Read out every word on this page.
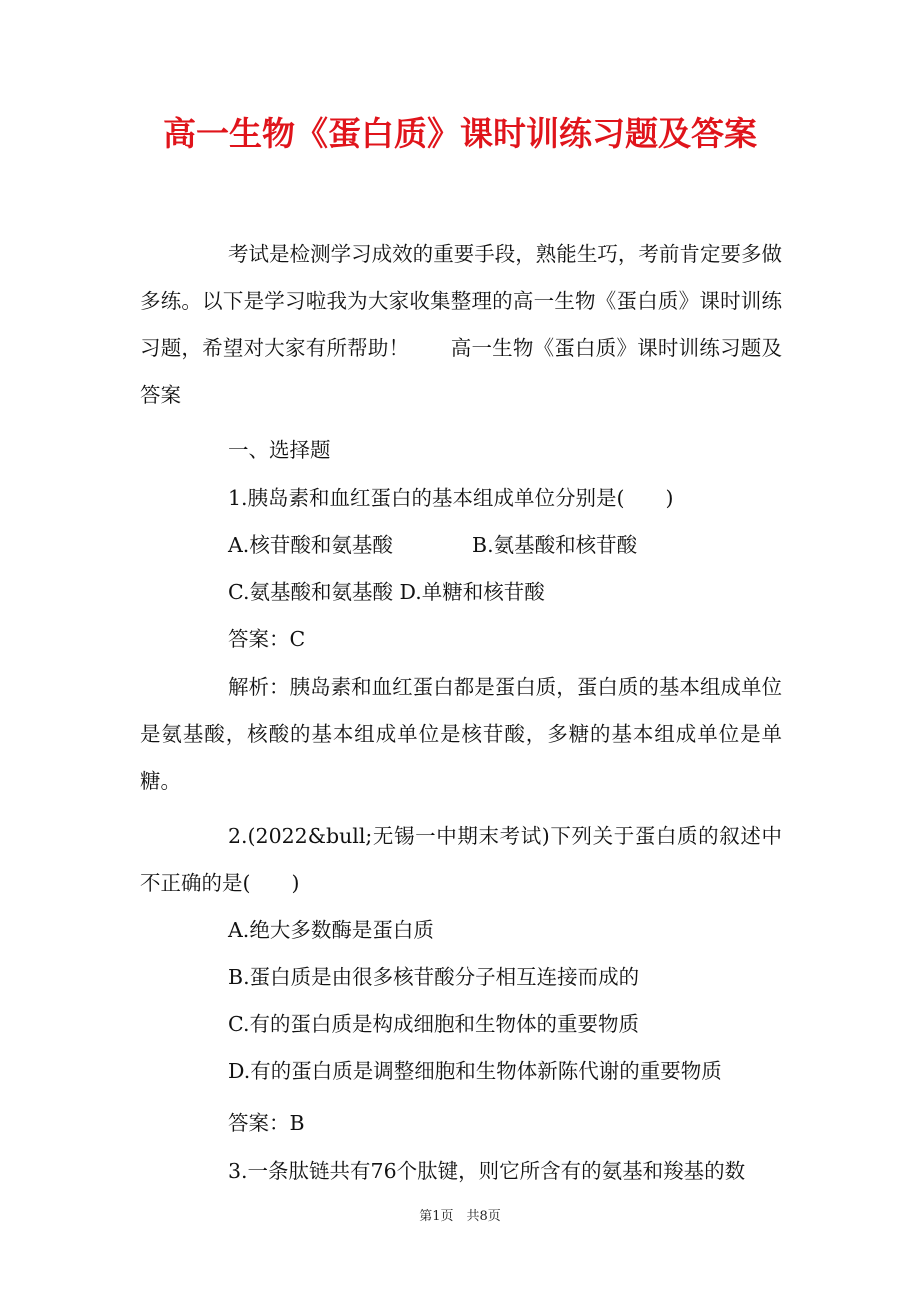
高一生物《蛋白质》课时训练习题及答案
考试是检测学习成效的重要手段，熟能生巧，考前肯定要多做多练。以下是学习啦我为大家收集整理的高一生物《蛋白质》课时训练习题，希望对大家有所帮助！　　高一生物《蛋白质》课时训练习题及答案
一、选择题
1.胰岛素和血红蛋白的基本组成单位分别是(　　)
A.核苷酸和氨基酸	B.氨基酸和核苷酸
C.氨基酸和氨基酸 D.单糖和核苷酸
答案：C
解析：胰岛素和血红蛋白都是蛋白质，蛋白质的基本组成单位是氨基酸，核酸的基本组成单位是核苷酸，多糖的基本组成单位是单糖。
2.(2022&bull;无锡一中期末考试)下列关于蛋白质的叙述中不正确的是(　　)
A.绝大多数酶是蛋白质
B.蛋白质是由很多核苷酸分子相互连接而成的
C.有的蛋白质是构成细胞和生物体的重要物质
D.有的蛋白质是调整细胞和生物体新陈代谢的重要物质
答案：B
3.一条肽链共有76个肽键，则它所含有的氨基和羧基的数
第1页　共8页
